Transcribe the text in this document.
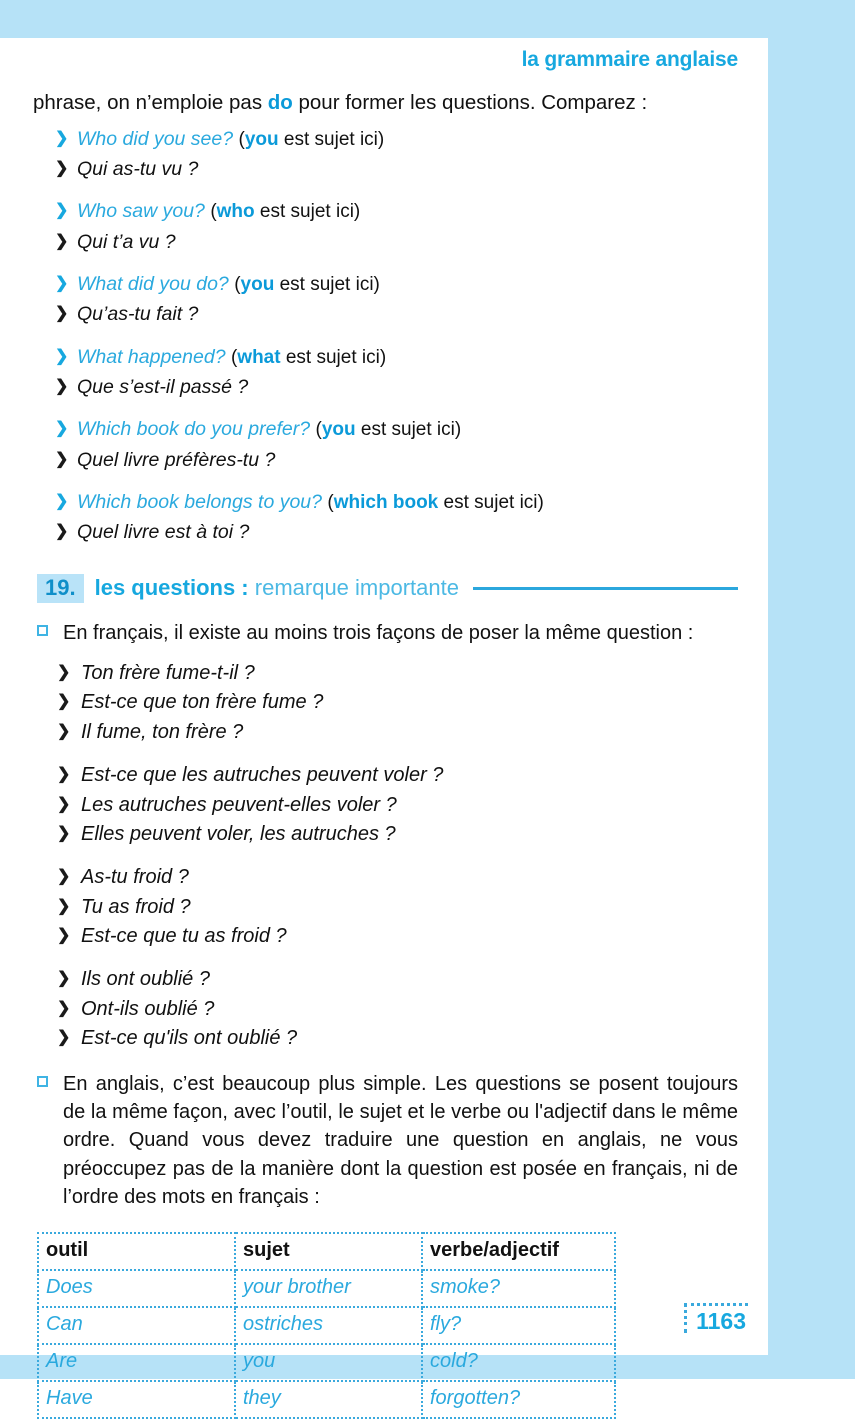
la grammaire anglaise
phrase, on n’emploie pas do pour former les questions. Comparez :
❯ Who did you see? (you est sujet ici)
❯ Qui as-tu vu ?
❯ Who saw you? (who est sujet ici)
❯ Qui t’a vu ?
❯ What did you do? (you est sujet ici)
❯ Qu’as-tu fait ?
❯ What happened? (what est sujet ici)
❯ Que s’est-il passé ?
❯ Which book do you prefer? (you est sujet ici)
❯ Quel livre préfères-tu ?
❯ Which book belongs to you? (which book est sujet ici)
❯ Quel livre est à toi ?
19. les questions : remarque importante
En français, il existe au moins trois façons de poser la même question :
❯ Ton frère fume-t-il ?
❯ Est-ce que ton frère fume ?
❯ Il fume, ton frère ?
❯ Est-ce que les autruches peuvent voler ?
❯ Les autruches peuvent-elles voler ?
❯ Elles peuvent voler, les autruches ?
❯ As-tu froid ?
❯ Tu as froid ?
❯ Est-ce que tu as froid ?
❯ Ils ont oublié ?
❯ Ont-ils oublié ?
❯ Est-ce qu'ils ont oublié ?
En anglais, c’est beaucoup plus simple. Les questions se posent toujours de la même façon, avec l’outil, le sujet et le verbe ou l'adjectif dans le même ordre. Quand vous devez traduire une question en anglais, ne vous préoccupez pas de la manière dont la question est posée en français, ni de l’ordre des mots en français :
outil	sujet	verbe/adjectif
Does	your brother	smoke?
Can	ostriches	fly?
Are	you	cold?
Have	they	forgotten?
1163
